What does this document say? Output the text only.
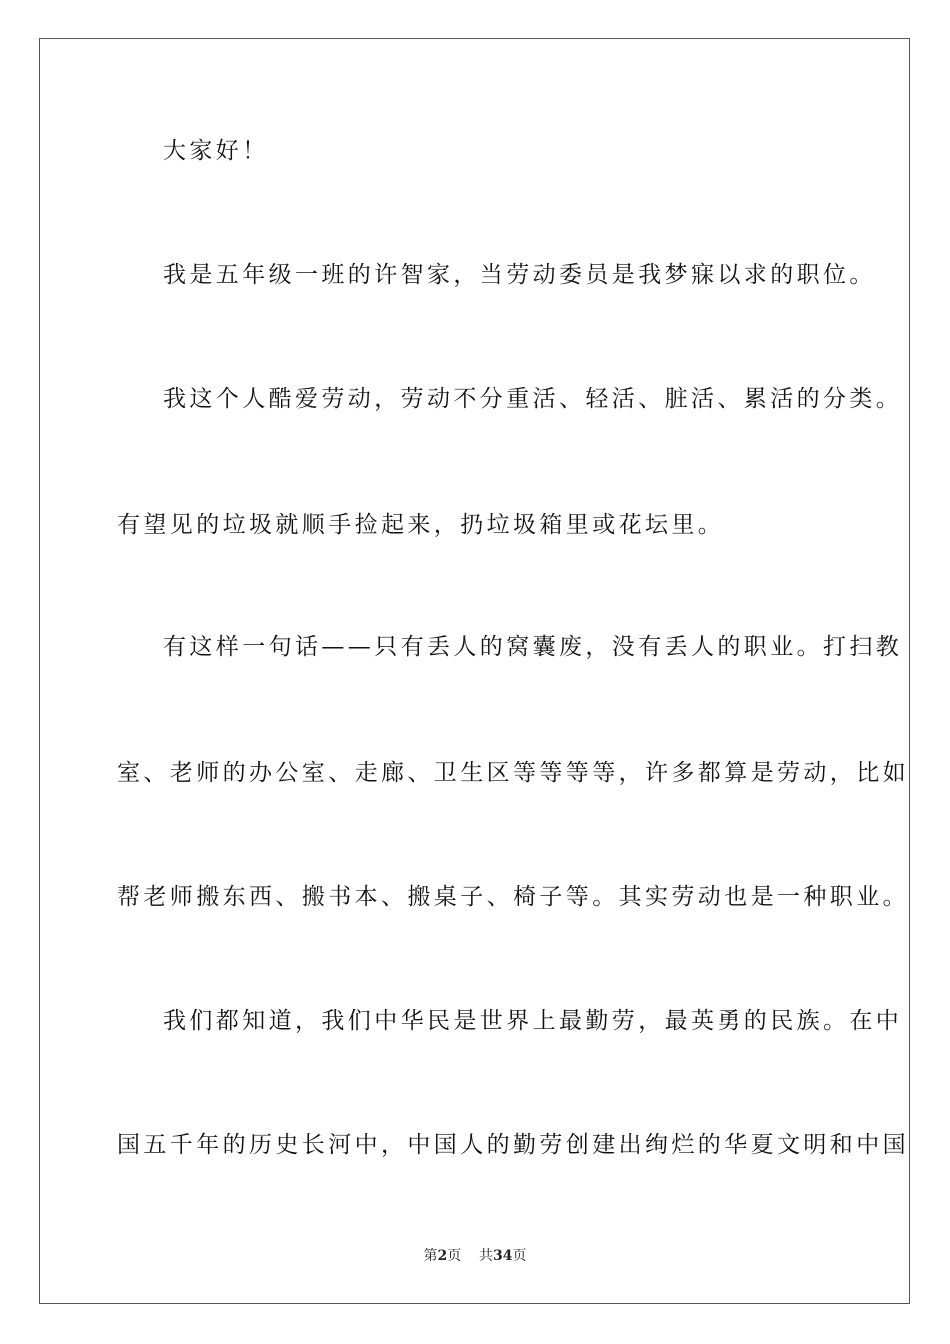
大家好！
我是五年级一班的许智家，当劳动委员是我梦寐以求的职位。
我这个人酷爱劳动，劳动不分重活、轻活、脏活、累活的分类。
有望见的垃圾就顺手捡起来，扔垃圾箱里或花坛里。
有这样一句话——只有丢人的窝囊废，没有丢人的职业。打扫教
室、老师的办公室、走廊、卫生区等等等等，许多都算是劳动，比如
帮老师搬东西、搬书本、搬桌子、椅子等。其实劳动也是一种职业。
我们都知道，我们中华民是世界上最勤劳，最英勇的民族。在中
国五千年的历史长河中，中国人的勤劳创建出绚烂的华夏文明和中国
第2页 共34页
